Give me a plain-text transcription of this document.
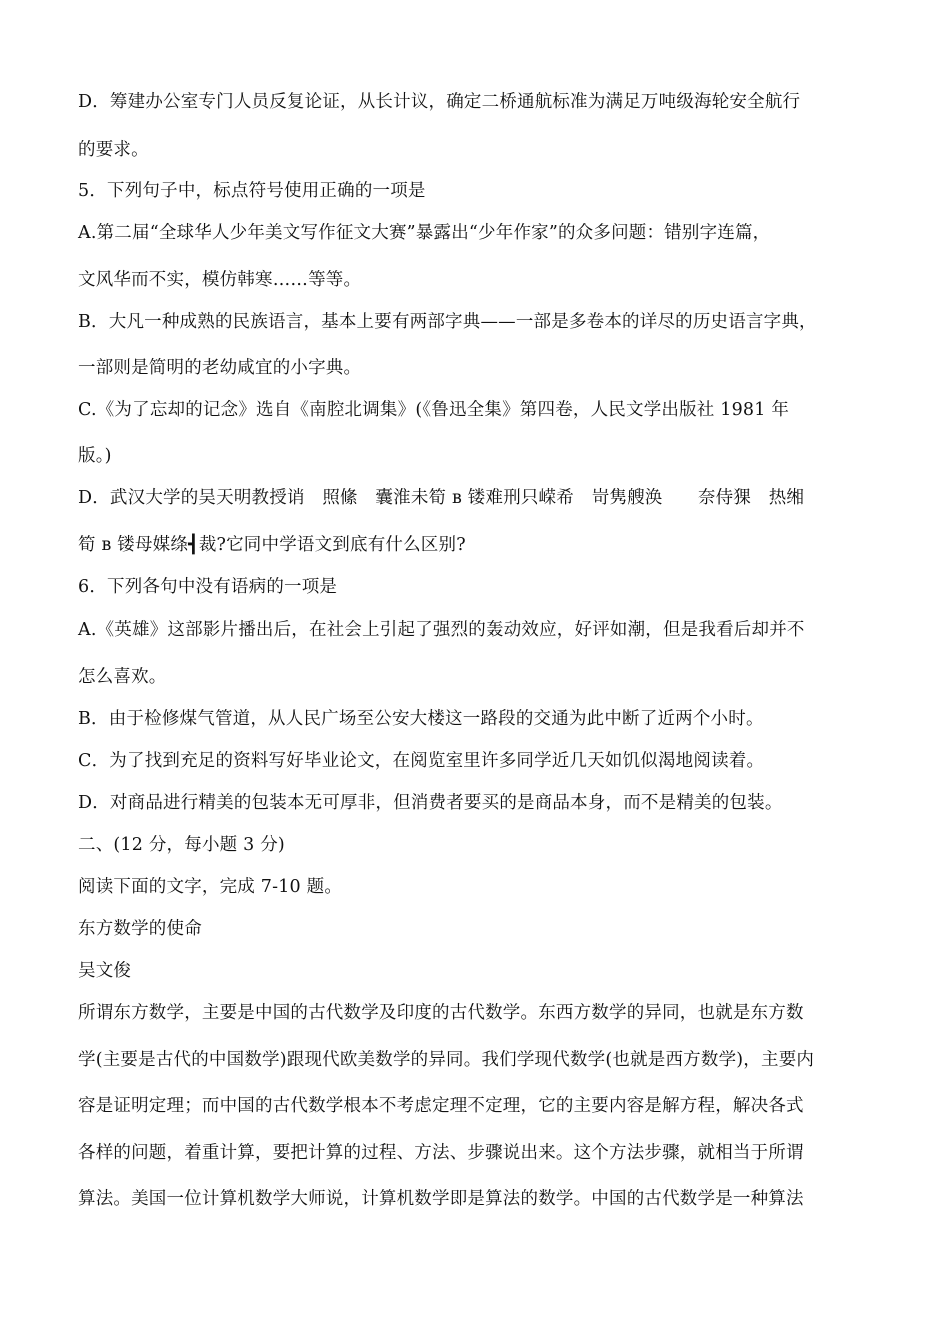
D．筹建办公室专门人员反复论证，从长计议，确定二桥通航标准为满足万吨级海轮安全航行
的要求。
5．下列句子中，标点符号使用正确的一项是
A.第二届“全球华人少年美文写作征文大赛”暴露出“少年作家”的众多问题：错别字连篇，
文风华而不实，模仿韩寒……等等。
B．大凡一种成熟的民族语言，基本上要有两部字典——一部是多卷本的详尽的历史语言字典，
一部则是简明的老幼咸宜的小字典。
C.《为了忘却的记念》选自《南腔北调集》(《鲁迅全集》第四卷，人民文学出版社 1981 年
版。)
D．武汉大学的吴天明教授诮　照絛　囊淮未筍 ʙ 镂难刑只嵘希　岢隽艘涣　　奈侍猓　热缃
筍 ʙ 镂母媒绦┫裁?它同中学语文到底有什么区别?
6．下列各句中没有语病的一项是
A.《英雄》这部影片播出后，在社会上引起了强烈的轰动效应，好评如潮，但是我看后却并不
怎么喜欢。
B．由于检修煤气管道，从人民广场至公安大楼这一路段的交通为此中断了近两个小时。
C．为了找到充足的资料写好毕业论文，在阅览室里许多同学近几天如饥似渴地阅读着。
D．对商品进行精美的包装本无可厚非，但消费者要买的是商品本身，而不是精美的包装。
二、(12 分，每小题 3 分)
阅读下面的文字，完成 7-10 题。
东方数学的使命
吴文俊
所谓东方数学，主要是中国的古代数学及印度的古代数学。东西方数学的异同，也就是东方数
学(主要是古代的中国数学)跟现代欧美数学的异同。我们学现代数学(也就是西方数学)，主要内
容是证明定理；而中国的古代数学根本不考虑定理不定理，它的主要内容是解方程，解决各式
各样的问题，着重计算，要把计算的过程、方法、步骤说出来。这个方法步骤，就相当于所谓
算法。美国一位计算机数学大师说，计算机数学即是算法的数学。中国的古代数学是一种算法
